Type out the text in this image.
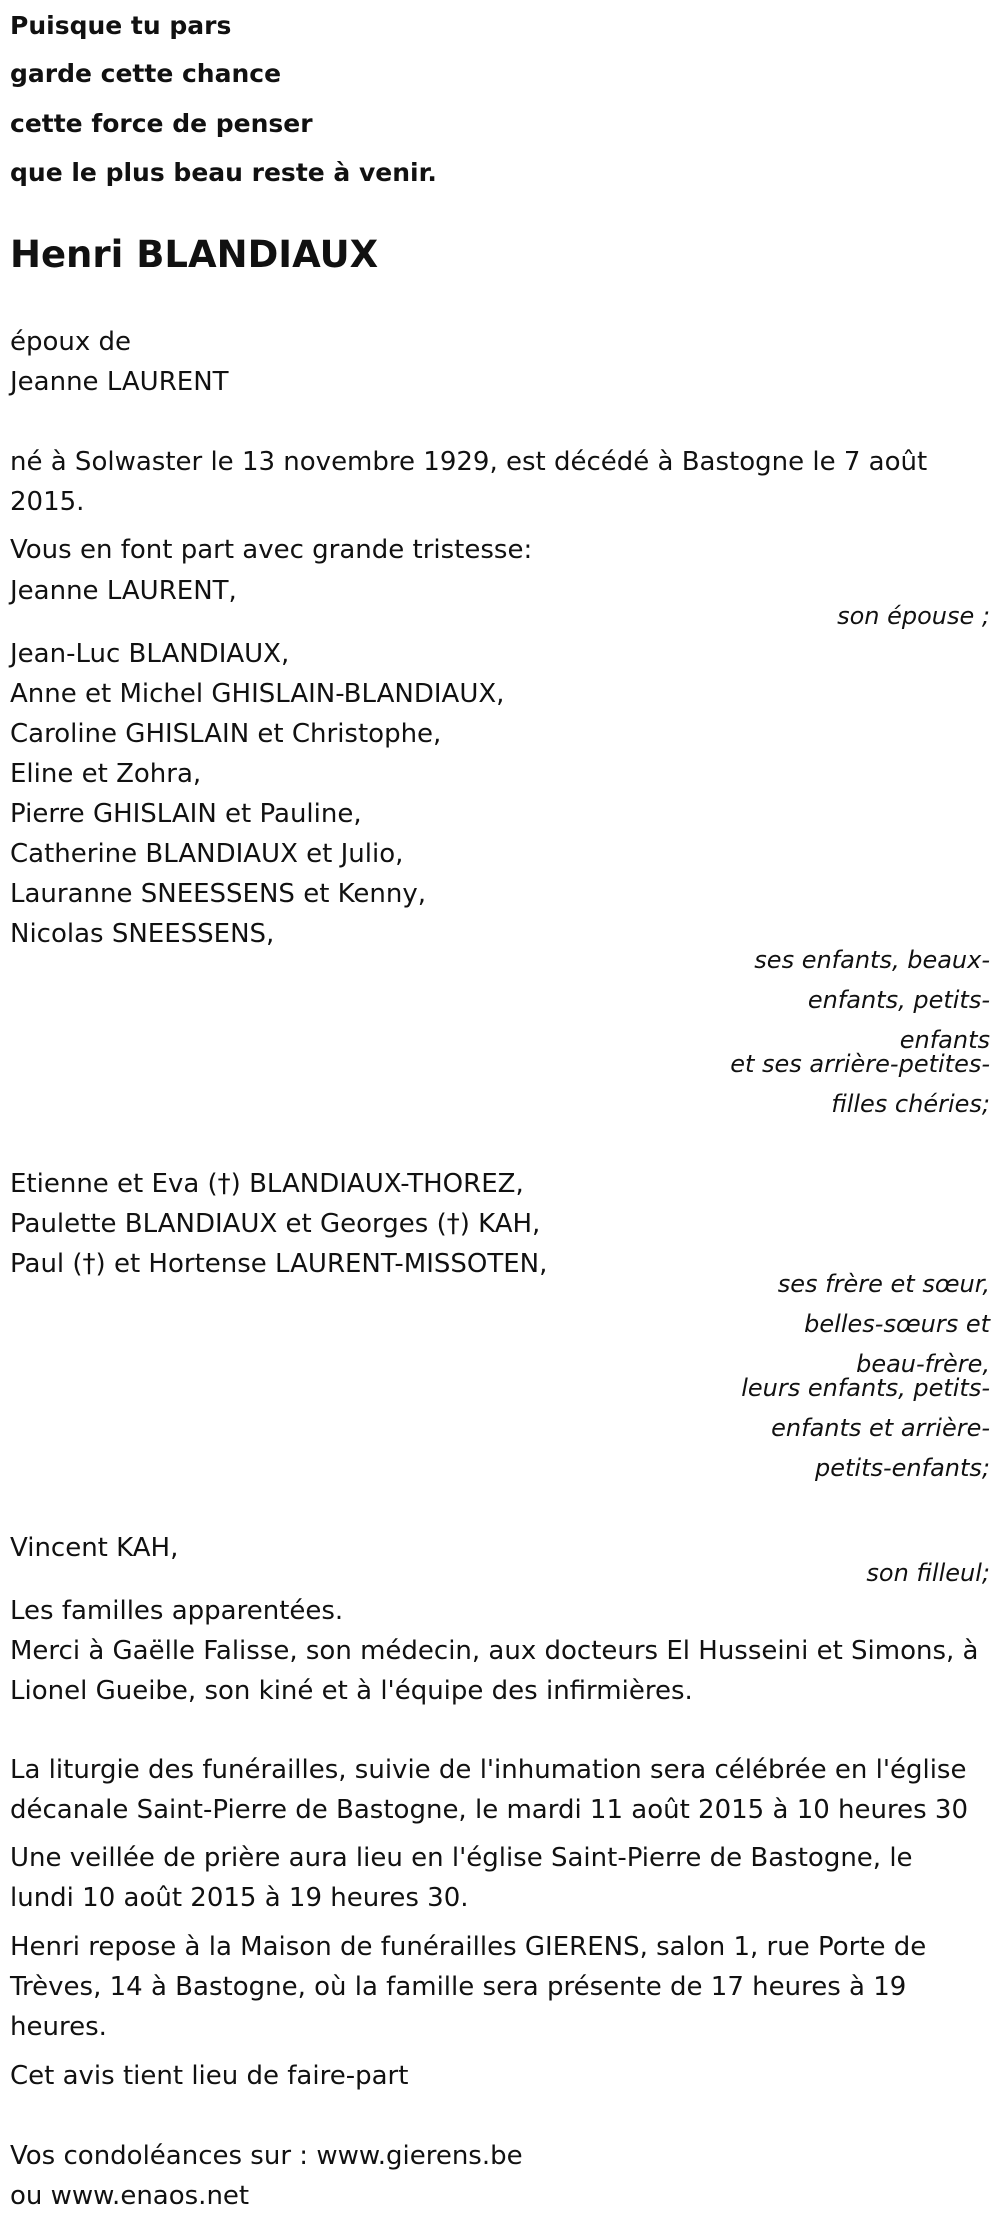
Puisque tu pars
garde cette chance
cette force de penser
que le plus beau reste à venir.
Henri BLANDIAUX
époux de
Jeanne LAURENT
né à Solwaster le 13 novembre 1929, est décédé à Bastogne le 7 août
2015.
Vous en font part avec grande tristesse:
Jeanne LAURENT,
son épouse ;
Jean-Luc BLANDIAUX,
Anne et Michel GHISLAIN-BLANDIAUX,
Caroline GHISLAIN et Christophe,
Eline et Zohra,
Pierre GHISLAIN et Pauline,
Catherine BLANDIAUX et Julio,
Lauranne SNEESSENS et Kenny,
Nicolas SNEESSENS,
ses enfants, beaux-enfants, petits-enfants
et ses arrière-petites-filles chéries;
Etienne et Eva (†) BLANDIAUX-THOREZ,
Paulette BLANDIAUX et Georges (†) KAH,
Paul (†) et Hortense LAURENT-MISSOTEN,
ses frère et sœur, belles-sœurs et beau-frère,
leurs enfants, petits-enfants et arrière-petits-enfants;
Vincent KAH,
son filleul;
Les familles apparentées.
Merci à Gaëlle Falisse, son médecin, aux docteurs El Husseini et Simons, à
Lionel Gueibe, son kiné et à l'équipe des infirmières.
La liturgie des funérailles, suivie de l'inhumation sera célébrée en l'église
décanale Saint-Pierre de Bastogne, le mardi 11 août 2015 à 10 heures 30
Une veillée de prière aura lieu en l'église Saint-Pierre de Bastogne, le
lundi 10 août 2015 à 19 heures 30.
Henri repose à la Maison de funérailles GIERENS, salon 1, rue Porte de
Trèves, 14 à Bastogne, où la famille sera présente de 17 heures à 19
heures.
Cet avis tient lieu de faire-part
Vos condoléances sur : www.gierens.be
ou www.enaos.net
